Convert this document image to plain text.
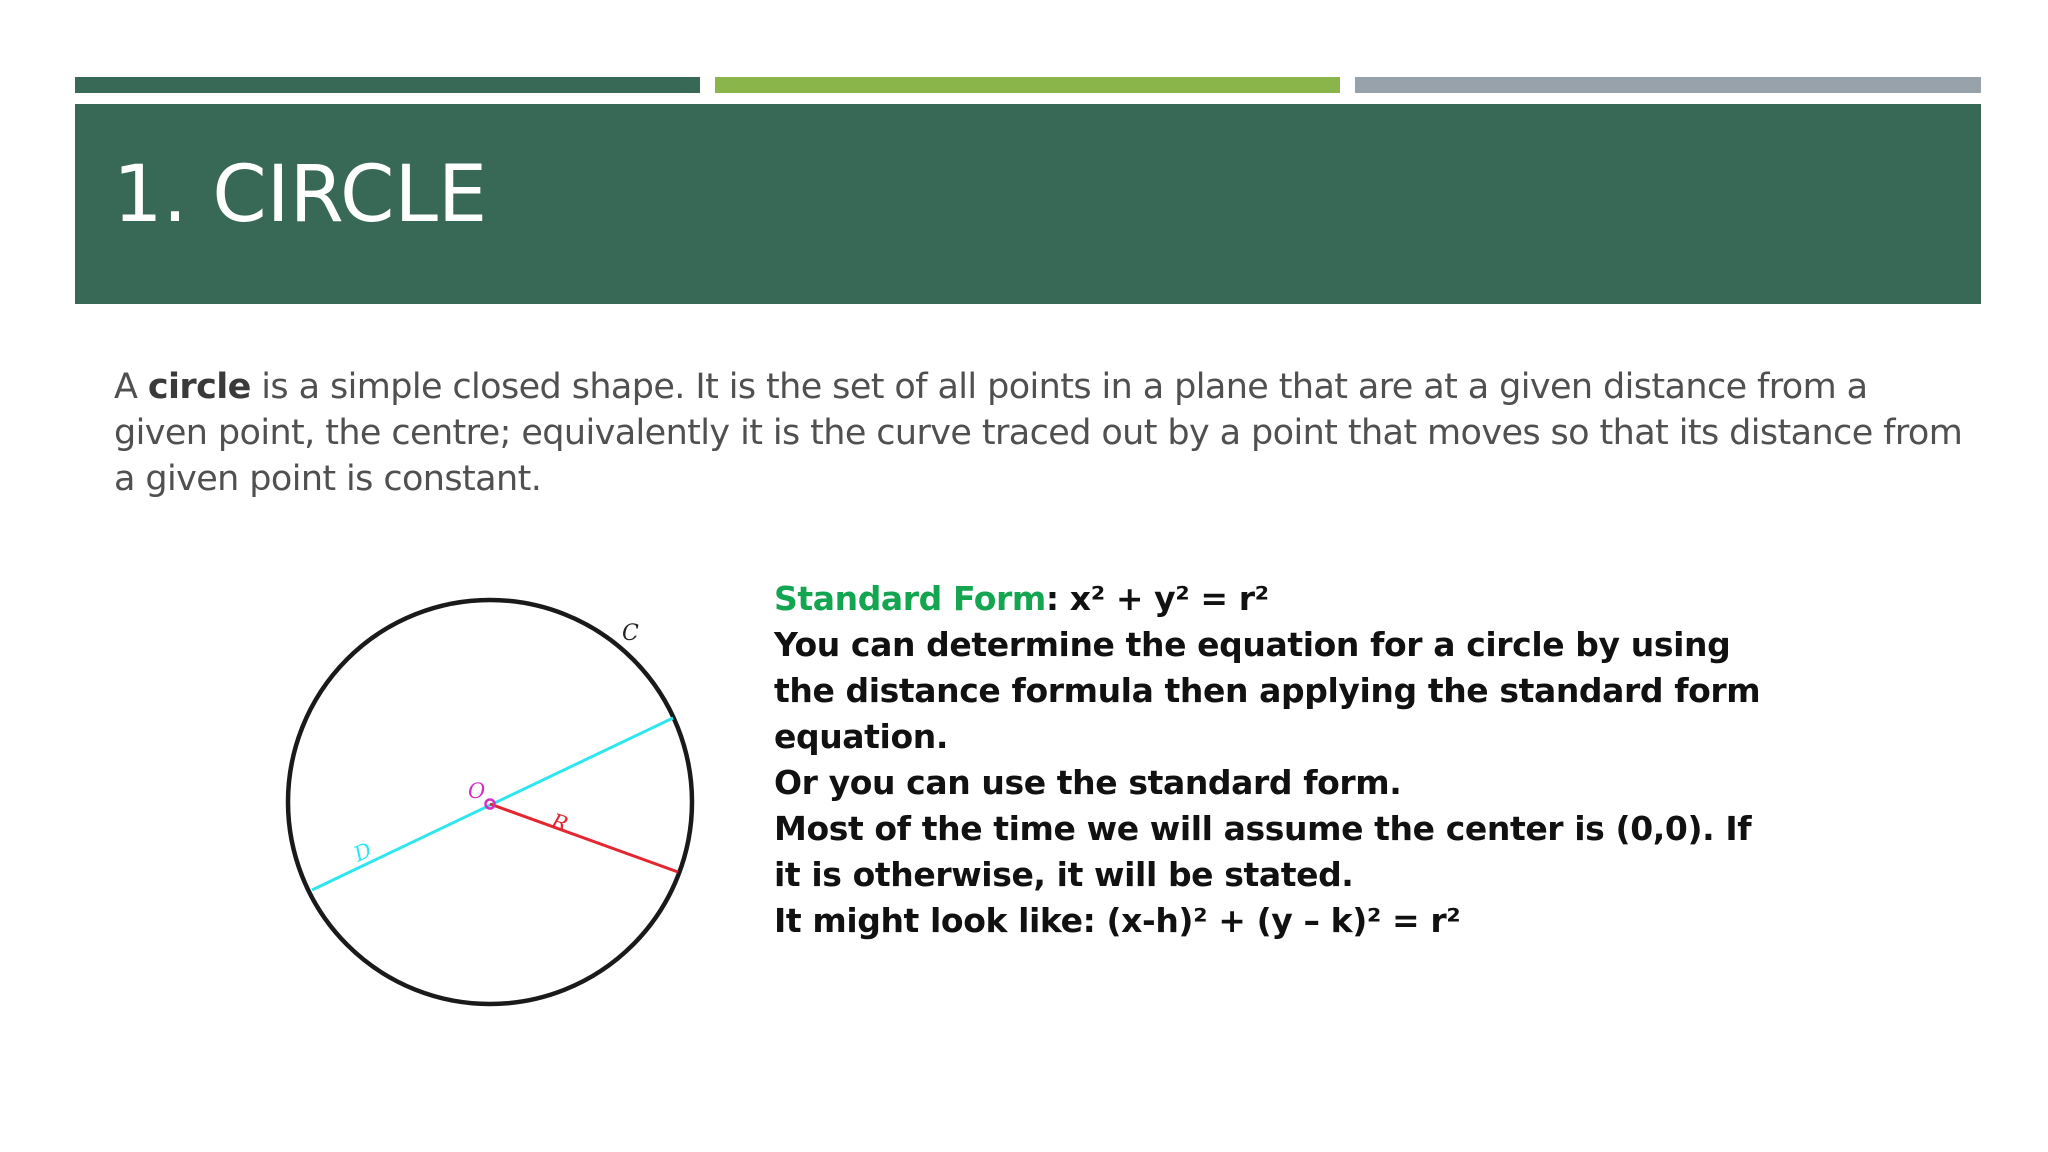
1. CIRCLE

A circle is a simple closed shape. It is the set of all points in a plane that are at a given distance from a
given point, the centre; equivalently it is the curve traced out by a point that moves so that its distance from
a given point is constant.

C
O
R
D
Standard Form: x² + y² = r²
You can determine the equation for a circle by using
the distance formula then applying the standard form
equation.
Or you can use the standard form.
Most of the time we will assume the center is (0,0). If
it is otherwise, it will be stated.
It might look like: (x-h)² + (y – k)² = r²
